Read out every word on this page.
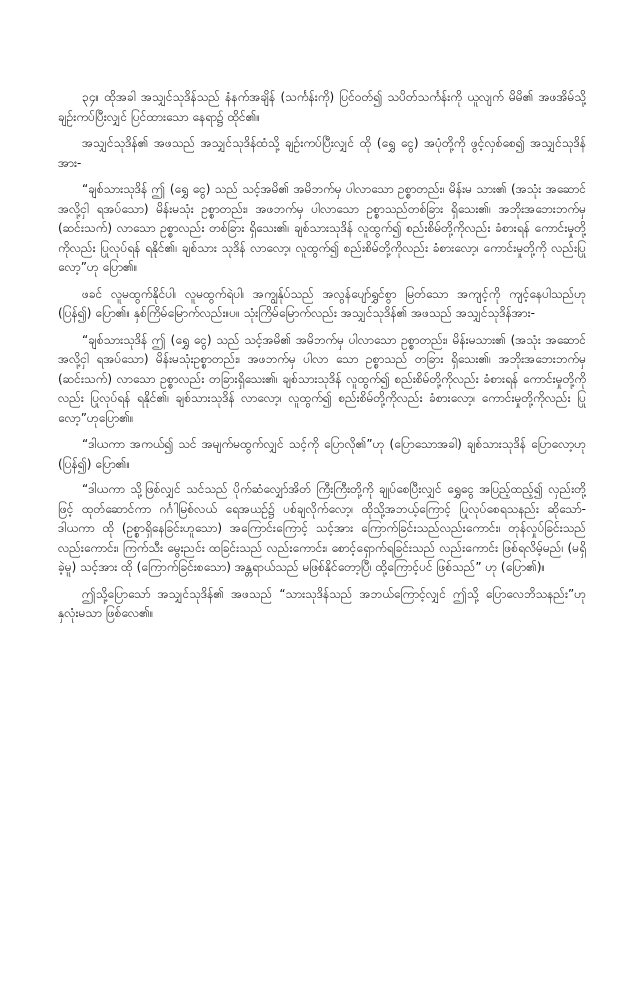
၃၄။ ထိုအခါ အသျှင်သုဒိန်သည် နံနက်အချိန် (သင်္ကန်းကို) ပြင်ဝတ်၍ သပိတ်သင်္ကန်းကို ယူလျက် မိမိ၏ အဖအိမ်သို့ ချဉ်းကပ်ပြီးလျှင် ပြင်ထားသော နေရာ၌ ထိုင်၏။

အသျှင်သုဒိန်၏ အဖသည် အသျှင်သုဒိန်ထံသို့ ချဉ်းကပ်ပြီးလျှင် ထို (ရွှေ ငွေ) အပုံတို့ကို ဖွင့်လှစ်စေ၍ အသျှင်သုဒိန်အား-

“ချစ်သားသုဒိန် ဤ (ရွှေ ငွေ) သည် သင့်အမိ၏ အမိဘက်မှ ပါလာသော ဥစ္စာတည်း၊ မိန်းမ သား၏ (အသုံး အဆောင်အလို့ငှါ ရအပ်သော) မိန်းမသုံး ဥစ္စာတည်း၊ အဖဘက်မှ ပါလာသော ဥစ္စာသည်တစ်ခြား ရှိသေး၏၊ အဘိုးအဘေးဘက်မှ (ဆင်းသက်) လာသော ဥစ္စာလည်း တစ်ခြား ရှိသေး၏၊ ချစ်သားသုဒိန် လူထွက်၍ စည်းစိမ်တို့ကိုလည်း ခံစားရန် ကောင်းမှုတို့ကိုလည်း ပြုလုပ်ရန် ရနိုင်၏၊ ချစ်သား သုဒိန် လာလော့၊ လူထွက်၍ စည်းစိမ်တို့ကိုလည်း ခံစားလော့၊ ကောင်းမှုတို့ကို လည်းပြုလော့”ဟု ပြော၏။

ဖခင် လူမထွက်နိုင်ပါ၊ လူမထွက်ရဲပါ၊ အကျွန်ုပ်သည် အလွန်ပျော်ရွှင်စွာ မြတ်သော အကျင့်ကို ကျင့်နေပါသည်ဟု (ပြန်၍) ပြော၏။ နှစ်ကြိမ်မြောက်လည်း။ပ။ သုံးကြိမ်မြောက်လည်း အသျှင်သုဒိန်၏ အဖသည် အသျှင်သုဒိန်အား-

“ချစ်သားသုဒိန် ဤ (ရွှေ ငွေ) သည် သင့်အမိ၏ အမိဘက်မှ ပါလာသော ဥစ္စာတည်း၊ မိန်းမသား၏ (အသုံး အဆောင်အလို့ငှါ ရအပ်သော) မိန်းမသုံးဥစ္စာတည်း၊ အဖဘက်မှ ပါလာ သော ဥစ္စာသည် တခြား ရှိသေး၏၊ အဘိုးအဘေးဘက်မှ (ဆင်းသက်) လာသော ဥစ္စာလည်း တခြားရှိသေး၏၊ ချစ်သားသုဒိန် လူထွက်၍ စည်းစိမ်တို့ကိုလည်း ခံစားရန် ကောင်းမှုတို့ကိုလည်း ပြုလုပ်ရန် ရနိုင်၏၊ ချစ်သားသုဒိန် လာလော့၊ လူထွက်၍ စည်းစိမ်တို့ကိုလည်း ခံစားလော့၊ ကောင်းမှုတို့ကိုလည်း ပြုလော့”ဟုပြော၏။

“ဒါယကာ အကယ်၍ သင် အမျက်မထွက်လျှင် သင့်ကို ပြောလို၏”ဟု (ပြောသောအခါ) ချစ်သားသုဒိန် ပြောလော့ဟု (ပြန်၍) ပြော၏။

“ဒါယကာ သို့ဖြစ်လျှင် သင်သည် ပိုက်ဆံလျှော်အိတ် ကြီးကြီးတို့ကို ချုပ်စေပြီးလျှင် ရွှေငွေ အပြည့်ထည့်၍ လှည်းတို့ဖြင့် ထုတ်ဆောင်ကာ ဂင်္ဂါမြစ်လယ် ရေအယဉ်၌ ပစ်ချလိုက်လော့၊ ထိုသို့အဘယ့်ကြောင့် ပြုလုပ်စေရသနည်း ဆိုသော်- ဒါယကာ ထို (ဥစ္စာရှိနေခြင်းဟူသော) အကြောင်းကြောင့် သင့်အား ကြောက်ခြင်းသည်လည်းကောင်း၊ တုန်လှုပ်ခြင်းသည်လည်းကောင်း၊ ကြက်သီး မွေးညင်း ထခြင်းသည် လည်းကောင်း၊ စောင့်ရှောက်ရခြင်းသည် လည်းကောင်း ဖြစ်ရလိမ့်မည်၊ (မရှိခဲ့မူ) သင့်အား ထို (ကြောက်ခြင်းစသော) အန္တရာယ်သည် မဖြစ်နိုင်တော့ပြီ၊ ထို့ကြောင့်ပင် ဖြစ်သည်” ဟု (ပြော၏)။

ဤသို့ပြောသော် အသျှင်သုဒိန်၏ အဖသည် “သားသုဒိန်သည် အဘယ်ကြောင့်လျှင် ဤသို့ ပြောလေဘိသနည်း”ဟု နှလုံးမသာ ဖြစ်လေ၏။
